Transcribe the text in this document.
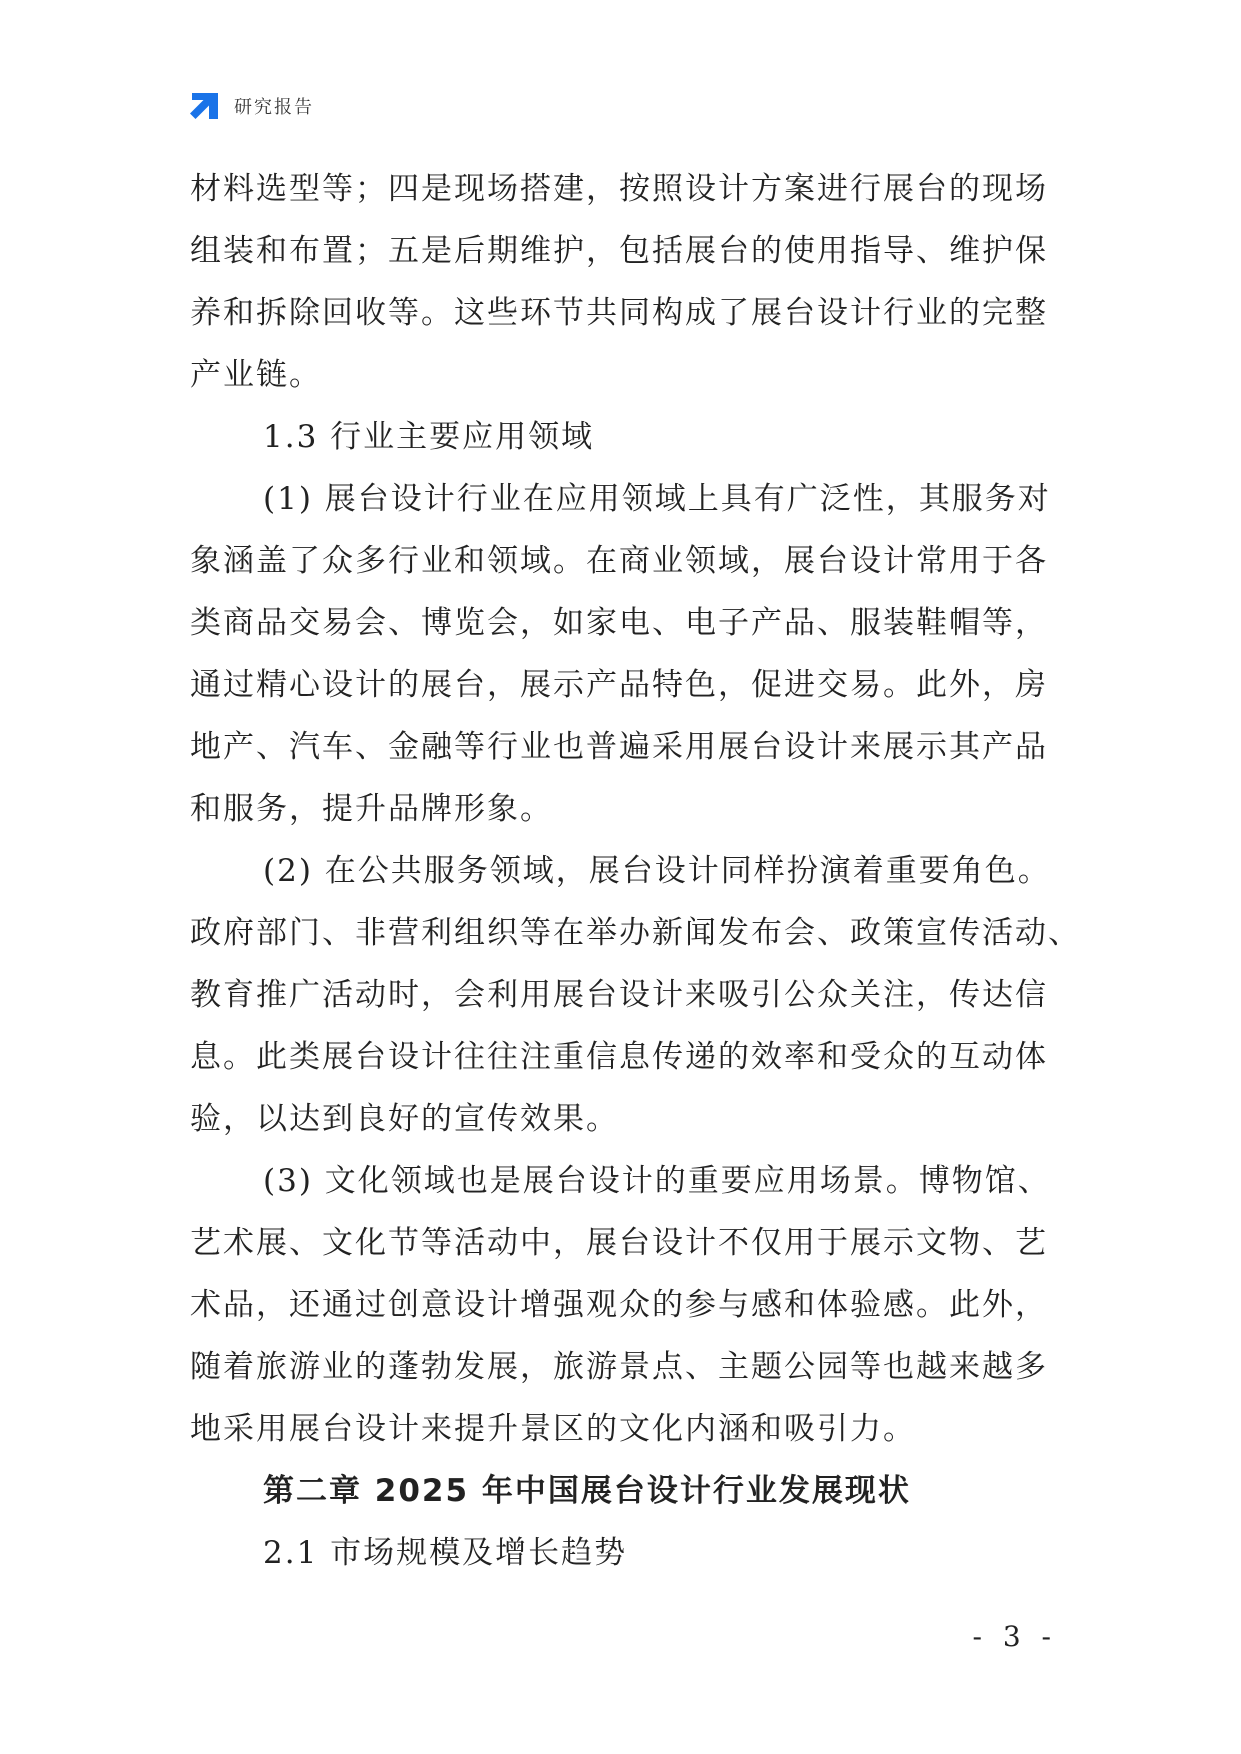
研究报告
材料选型等；四是现场搭建，按照设计方案进行展台的现场
组装和布置；五是后期维护，包括展台的使用指导、维护保
养和拆除回收等。这些环节共同构成了展台设计行业的完整
产业链。
1.3 行业主要应用领域
(1) 展台设计行业在应用领域上具有广泛性，其服务对
象涵盖了众多行业和领域。在商业领域，展台设计常用于各
类商品交易会、博览会，如家电、电子产品、服装鞋帽等，
通过精心设计的展台，展示产品特色，促进交易。此外，房
地产、汽车、金融等行业也普遍采用展台设计来展示其产品
和服务，提升品牌形象。
(2) 在公共服务领域，展台设计同样扮演着重要角色。
政府部门、非营利组织等在举办新闻发布会、政策宣传活动、
教育推广活动时，会利用展台设计来吸引公众关注，传达信
息。此类展台设计往往注重信息传递的效率和受众的互动体
验，以达到良好的宣传效果。
(3) 文化领域也是展台设计的重要应用场景。博物馆、
艺术展、文化节等活动中，展台设计不仅用于展示文物、艺
术品，还通过创意设计增强观众的参与感和体验感。此外，
随着旅游业的蓬勃发展，旅游景点、主题公园等也越来越多
地采用展台设计来提升景区的文化内涵和吸引力。
第二章 2025 年中国展台设计行业发展现状
2.1 市场规模及增长趋势
- 3 -
